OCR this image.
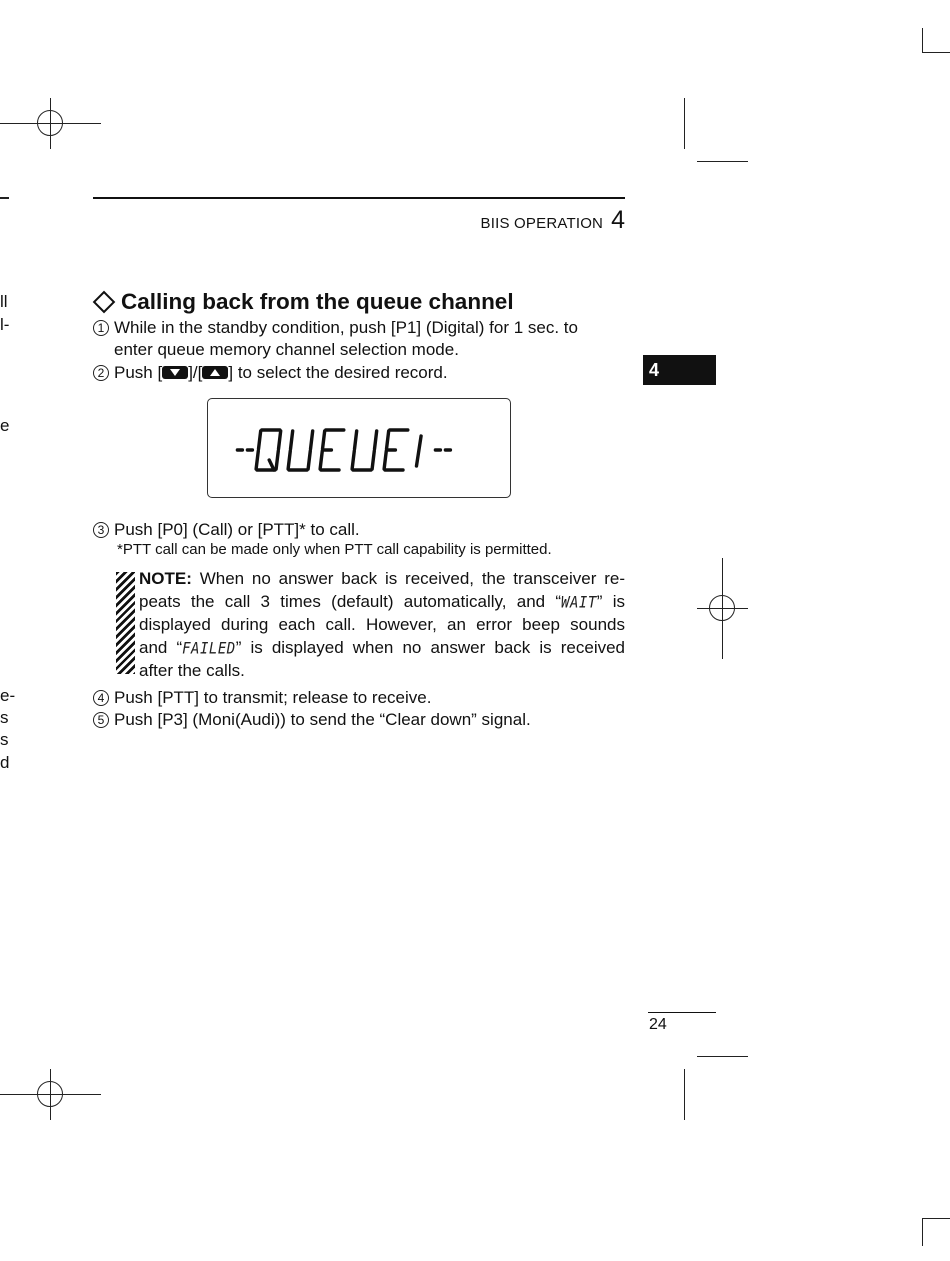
ll
l-
e
e-
s
s
d
BIIS OPERATION 4
4
Calling back from the queue channel
1 While in the standby condition, push [P1] (Digital) for 1 sec. to
enter queue memory channel selection mode.
2 Push [ ]/[ ] to select the desired record.
3 Push [P0] (Call) or [PTT]* to call.
*PTT call can be made only when PTT call capability is permitted.
NOTE: When no answer back is received, the transceiver re-
peats the call 3 times (default) automatically, and “WAIT” is
displayed during each call. However, an error beep sounds
and “FAILED” is displayed when no answer back is received
after the calls.
4 Push [PTT] to transmit; release to receive.
5 Push [P3] (Moni(Audi)) to send the “Clear down” signal.
24
